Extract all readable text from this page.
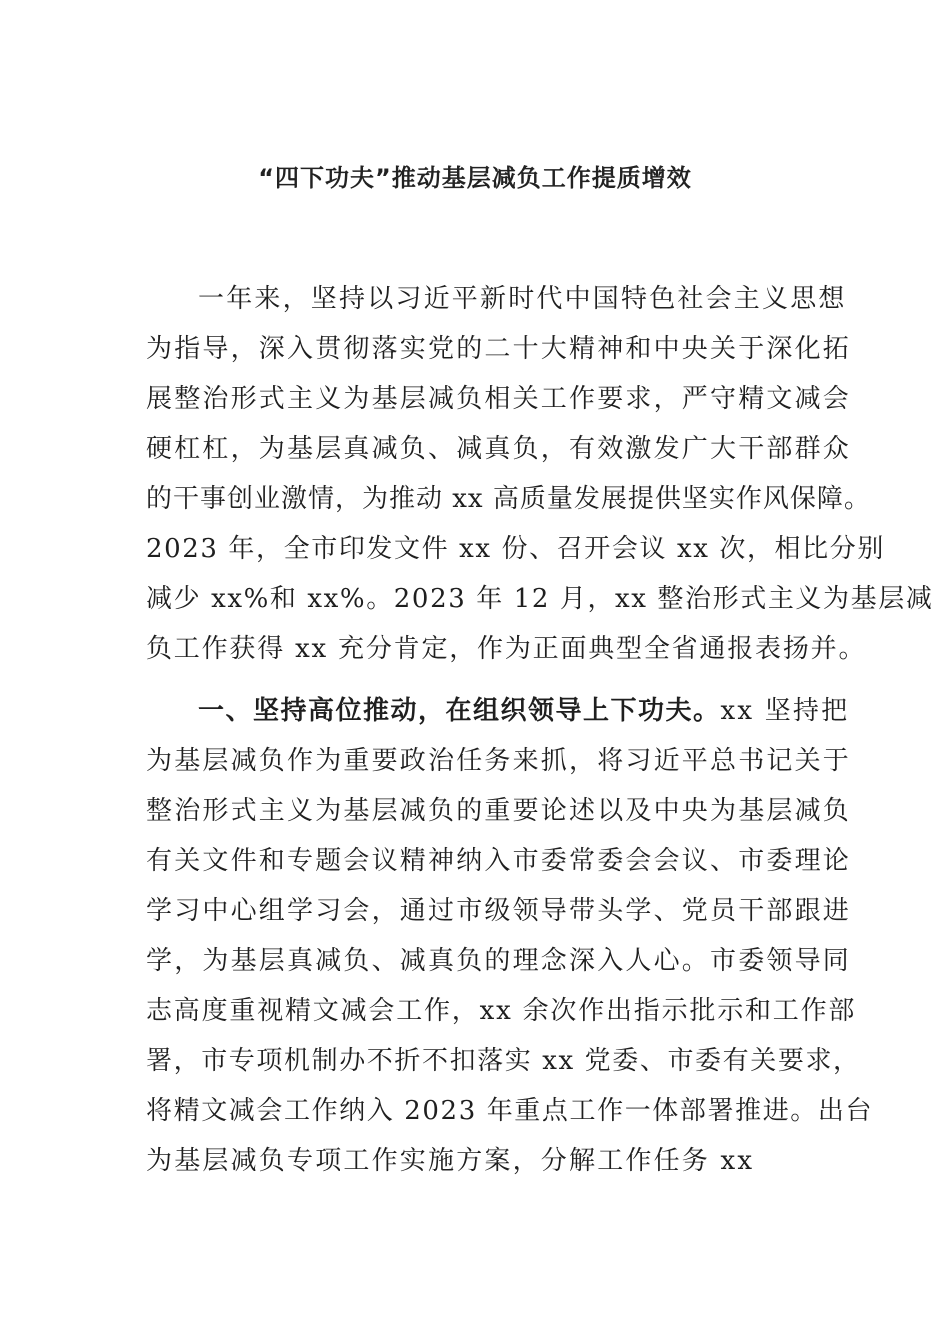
“四下功夫”推动基层减负工作提质增效
一年来，坚持以习近平新时代中国特色社会主义思想
为指导，深入贯彻落实党的二十大精神和中央关于深化拓
展整治形式主义为基层减负相关工作要求，严守精文减会
硬杠杠，为基层真减负、减真负，有效激发广大干部群众
的干事创业激情，为推动 xx 高质量发展提供坚实作风保障。
2023 年，全市印发文件 xx 份、召开会议 xx 次，相比分别
减少 xx%和 xx%。2023 年 12 月，xx 整治形式主义为基层减
负工作获得 xx 充分肯定，作为正面典型全省通报表扬并。
一、坚持高位推动，在组织领导上下功夫。xx 坚持把
为基层减负作为重要政治任务来抓，将习近平总书记关于
整治形式主义为基层减负的重要论述以及中央为基层减负
有关文件和专题会议精神纳入市委常委会会议、市委理论
学习中心组学习会，通过市级领导带头学、党员干部跟进
学，为基层真减负、减真负的理念深入人心。市委领导同
志高度重视精文减会工作，xx 余次作出指示批示和工作部
署，市专项机制办不折不扣落实 xx 党委、市委有关要求，
将精文减会工作纳入 2023 年重点工作一体部署推进。出台
为基层减负专项工作实施方案，分解工作任务 xx
